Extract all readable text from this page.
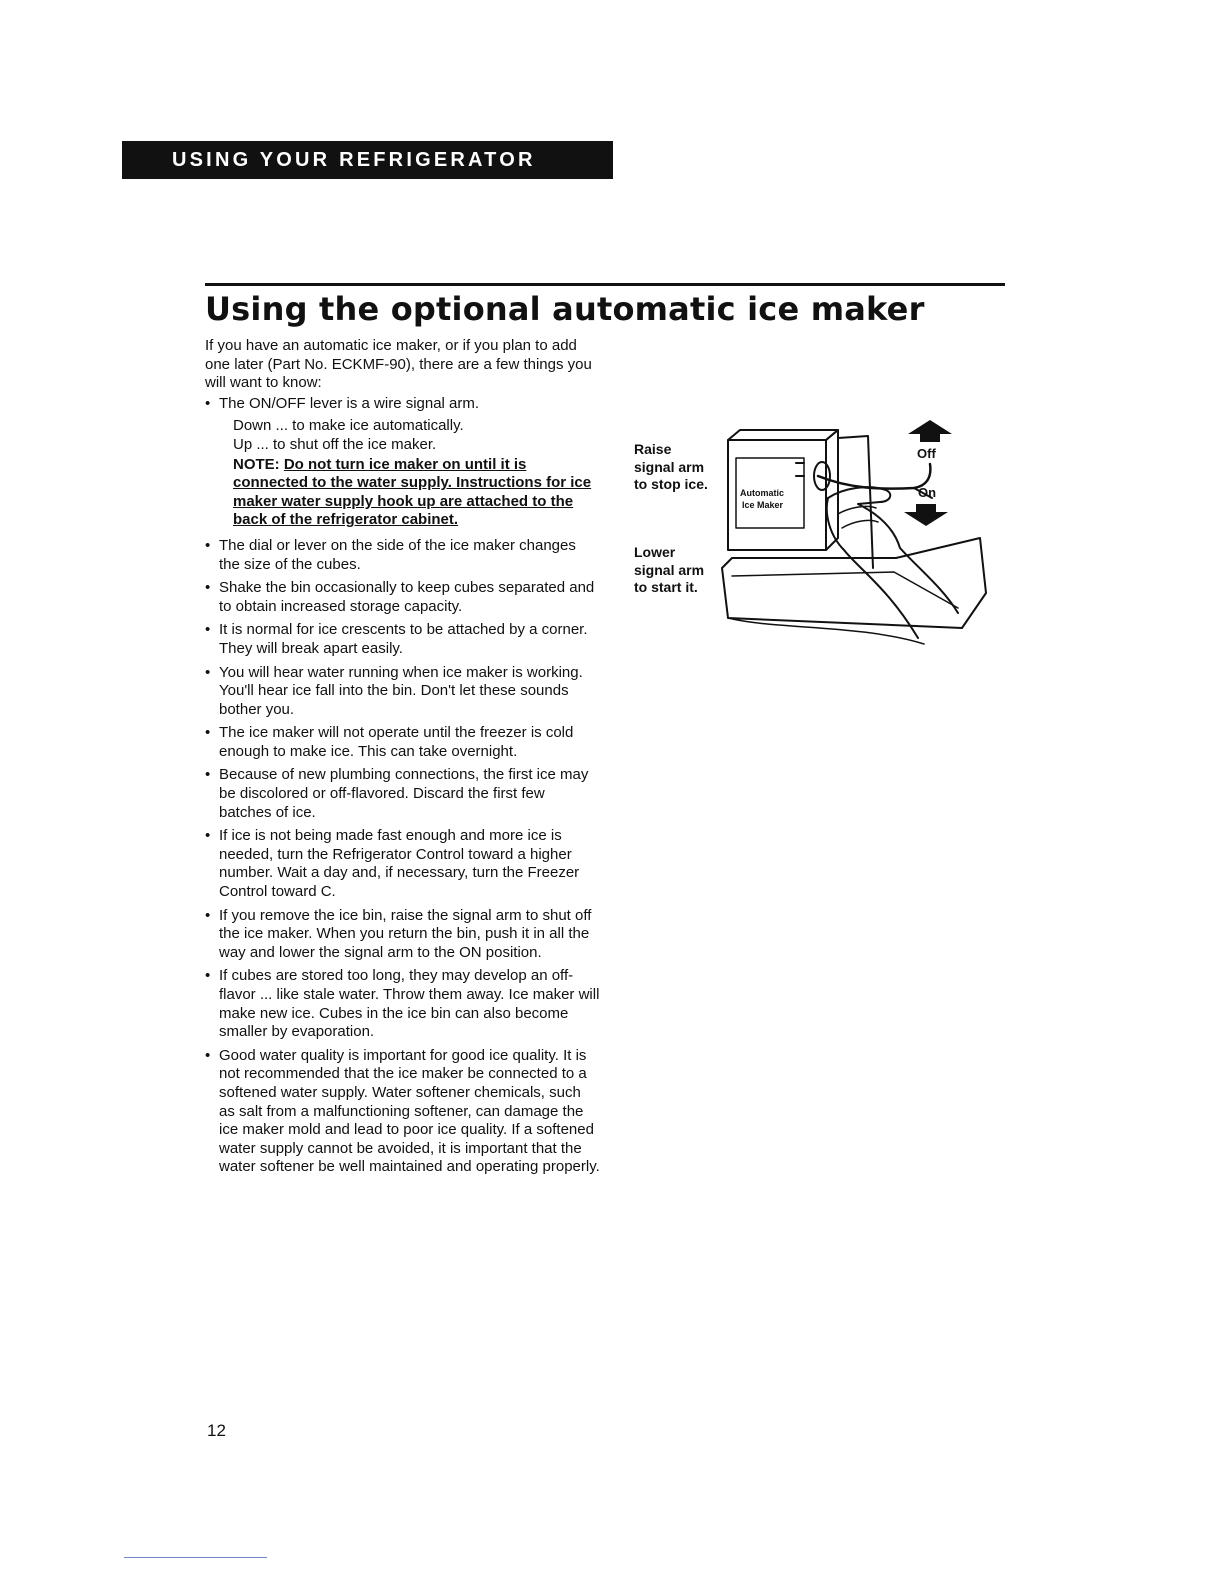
USING YOUR REFRIGERATOR
Using the optional automatic ice maker

If you have an automatic ice maker, or if you plan to add one later (Part No. ECKMF-90), there are a few things you will want to know:

• The ON/OFF lever is a wire signal arm.
Down ... to make ice automatically.
Up ... to shut off the ice maker.

NOTE: Do not turn ice maker on until it is connected to the water supply. Instructions for ice maker water supply hook up are attached to the back of the refrigerator cabinet.

• The dial or lever on the side of the ice maker changes the size of the cubes.
• Shake the bin occasionally to keep cubes separated and to obtain increased storage capacity.
• It is normal for ice crescents to be attached by a corner. They will break apart easily.
• You will hear water running when ice maker is working. You'll hear ice fall into the bin. Don't let these sounds bother you.
• The ice maker will not operate until the freezer is cold enough to make ice. This can take overnight.
• Because of new plumbing connections, the first ice may be discolored or off-flavored. Discard the first few batches of ice.
• If ice is not being made fast enough and more ice is needed, turn the Refrigerator Control toward a higher number. Wait a day and, if necessary, turn the Freezer Control toward C.
• If you remove the ice bin, raise the signal arm to shut off the ice maker. When you return the bin, push it in all the way and lower the signal arm to the ON position.
• If cubes are stored too long, they may develop an off-flavor ... like stale water. Throw them away. Ice maker will make new ice. Cubes in the ice bin can also become smaller by evaporation.
• Good water quality is important for good ice quality. It is not recommended that the ice maker be connected to a softened water supply. Water softener chemicals, such as salt from a malfunctioning softener, can damage the ice maker mold and lead to poor ice quality. If a softened water supply cannot be avoided, it is important that the water softener be well maintained and operating properly.
Raise signal arm to stop ice.
Lower signal arm to start it.
Automatic
Ice Maker
Off
On
12
